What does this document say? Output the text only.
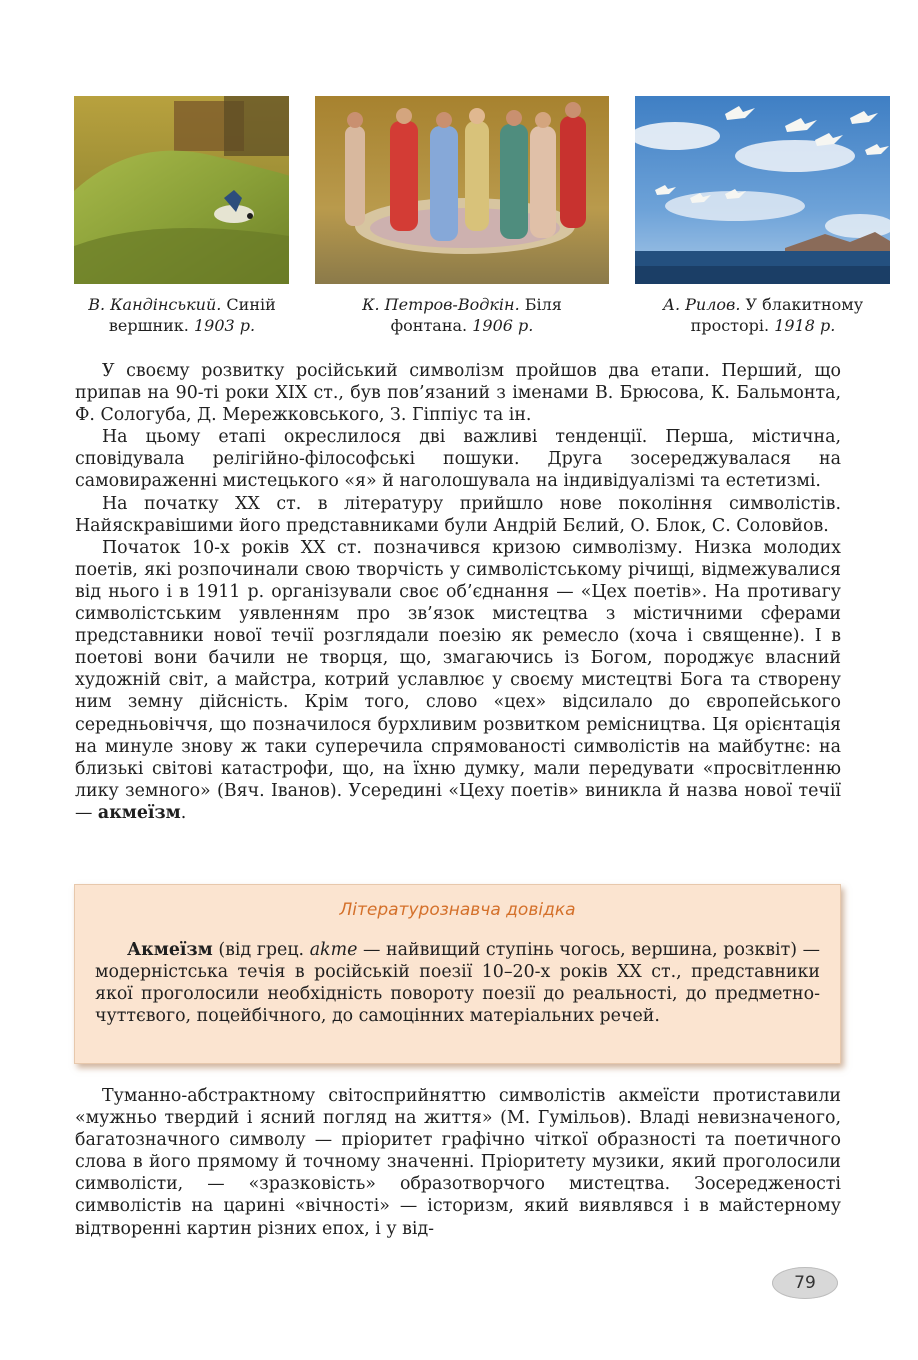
В. Кандінський. Синій
вершник. 1903 р.
К. Петров-Водкін. Біля
фонтана. 1906 р.
А. Рилов. У блакитному
просторі. 1918 р.

У своєму розвитку російський символізм пройшов два етапи. Перший, що припав на 90-ті роки ХІХ ст., був пов’язаний з іменами В. Брюсова, К. Бальмонта, Ф. Сологуба, Д. Мережковського, З. Гіппіус та ін.

На цьому етапі окреслилося дві важливі тенденції. Перша, містична, сповідувала релігійно-філософські пошуки. Друга зосереджувалася на самовираженні мистецького «я» й наголошувала на індивідуалізмі та естетизмі.

На початку ХХ ст. в літературу прийшло нове покоління символістів. Найяскравішими його представниками були Андрій Бєлий, О. Блок, С. Соловйов.

Початок 10-х років ХХ ст. позначився кризою символізму. Низка молодих поетів, які розпочинали свою творчість у символістському річищі, відмежувалися від нього і в 1911 р. організували своє об’єднання — «Цех поетів». На противагу символістським уявленням про зв’язок мистецтва з містичними сферами представники нової течії розглядали поезію як ремесло (хоча і священне). І в поетові вони бачили не творця, що, змагаючись із Богом, породжує власний художній світ, а майстра, котрий уславлює у своєму мистецтві Бога та створену ним земну дійсність. Крім того, слово «цех» відсилало до європейського середньовіччя, що позначилося бурхливим розвитком ремісництва. Ця орієнтація на минуле знову ж таки суперечила спрямованості символістів на майбутнє: на близькі світові катастрофи, що, на їхню думку, мали передувати «просвітленню лику земного» (Вяч. Іванов). Усередині «Цеху поетів» виникла й назва нової течії — акмеїзм.

Літературознавча довідка

Акмеїзм (від грец. akme — найвищий ступінь чогось, вершина, розквіт) — модерністська течія в російській поезії 10–20-х років ХХ ст., представники якої проголосили необхідність повороту поезії до реальності, до предметно-чуттєвого, поцейбічного, до самоцінних матеріальних речей.

Туманно-абстрактному світосприйняттю символістів акмеїсти протиставили «мужньо твердий і ясний погляд на життя» (М. Гумільов). Владі невизначеного, багатозначного символу — пріоритет графічно чіткої образності та поетичного слова в його прямому й точному значенні. Пріоритету музики, який проголосили символісти, — «зразковість» образотворчого мистецтва. Зосередженості символістів на царині «вічності» — історизм, який виявлявся і в майстерному відтворенні картин різних епох, і у від-

79
